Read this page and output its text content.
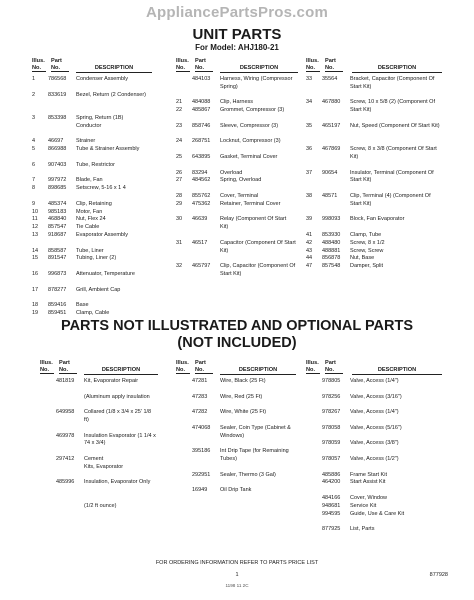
AppliancePartsPros.com
UNIT PARTS
For Model: AHJ180-21
Illus. No.
Part No.	DESCRIPTION
Illus. No.
Part No.	DESCRIPTION
Illus. No.
Part No.	DESCRIPTION
1	786568	Condenser Assembly
2	833619	Bezel, Return (2 Condenser)
3	853398	Spring, Return (1B) Conductor
4	46697	Strainer
5	866988	Tube & Strainer Assembly
6	907403	Tube, Restrictor
7	997972	Blade, Fan
8	898685	Setscrew, 5-16 x 1 4
9	485374	Clip, Retaining
10	985183	Motor, Fan
11	468840	Nut, Flex 24
12	857547	Tie Cable
13	918687	Evaporator Assembly
14	858587	Tube, Liner
15	891547	Tubing, Liner (2)
16	996873	Attenuator, Temperature
17	878277	Grill, Ambient Cap
18	859416	Base
19	859451	Clamp, Cable
484103	Harness, Wiring (Compressor Spring)
21	484088	Clip, Harness
22	485867	Grommet, Compressor (3)
23	858746	Sleeve, Compressor (3)
24	268751	Locknut, Compressor (3)
25	643895	Gasket, Terminal Cover
26	83294	Overload
27	484562	Spring, Overload
28	855762	Cover, Terminal
29	475362	Retainer, Terminal Cover
30	46639	Relay (Component Of Start Kit)
31	46517	Capacitor (Component Of Start Kit)
32	465797	Clip, Capacitor (Component Of Start Kit)
33	35564	Bracket, Capacitor (Component Of Start Kit)
34	467880	Screw, 10 x 5/8 (2) (Component Of Start Kit)
35	465197	Nut, Speed (Component Of Start Kit)
36	467869	Screw, 8 x 3/8 (Component Of Start Kit)
37	90654	Insulator, Terminal (Component Of Start Kit)
38	48571	Clip, Terminal (4) (Component Of Start Kit)
39	998093	Block, Fan Evaporator
41	853930	Clamp, Tube
42	488480	Screw, 8 x 1/2
43	488881	Screw, Screw
44	856878	Nut, Base
47	857548	Damper, Split
PARTS NOT ILLUSTRATED AND OPTIONAL PARTS
(NOT INCLUDED)
Illus. No.
Part No.	DESCRIPTION
Illus. No.
Part No.	DESCRIPTION
Illus. No.
Part No.	DESCRIPTION
481819	Kit, Evaporator Repair
(Aluminum apply insulation
649958	Collared (1/8 x 3/4 x 25' 1/8 ft)
469978	Insulation Evaporator (1 1/4 x 74 x 3/4)
297412	Cement
Kits, Evaporator
485996	Insulation, Evaporator Only
(1/2 ft ounce)
47281	Wire, Black (25 Ft)
47283	Wire, Red (25 Ft)
47282	Wire, White (25 Ft)
474068	Sealer, Coin Type (Cabinet & Windows)
395186	Int Drip Tape (for Remaining Tubes)
292951	Sealer, Thermo (3 Gal)
16949	Oil Drip Tank
978805	Valve, Access (1/4")
978256	Valve, Access (3/16")
978267	Valve, Access (1/4")
978058	Valve, Access (5/16")
978059	Valve, Access (3/8")
978057	Valve, Access (1/2")
485886	Frame Start Kit
464200	Start Assist Kit
484166	Cover, Window
948681	Service Kit
994595	Guide, Use & Care Kit
877925	List, Parts
FOR ORDERING INFORMATION REFER TO PARTS PRICE LIST
1	877928
1198 11 2C
